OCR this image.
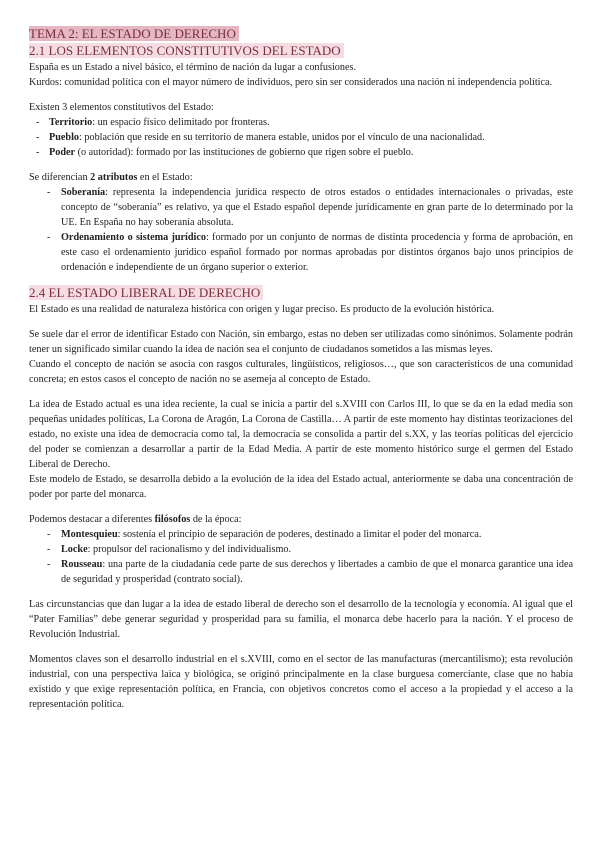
TEMA 2: EL ESTADO DE DERECHO
2.1 LOS ELEMENTOS CONSTITUTIVOS DEL ESTADO

España es un Estado a nivel básico, el término de nación da lugar a confusiones.

Kurdos: comunidad política con el mayor número de individuos, pero sin ser considerados una nación ni independencia política.

Existen 3 elementos constitutivos del Estado:

- Territorio: un espacio físico delimitado por fronteras.
- Pueblo: población que reside en su territorio de manera estable, unidos por el vínculo de una nacionalidad.
- Poder (o autoridad): formado por las instituciones de gobierno que rigen sobre el pueblo.

Se diferencian 2 atributos en el Estado:

- Soberanía: representa la independencia jurídica respecto de otros estados o entidades internacionales o privadas, este concepto de “soberanía” es relativo, ya que el Estado español depende jurídicamente en gran parte de lo determinado por la UE. En España no hay soberanía absoluta.
- Ordenamiento o sistema jurídico: formado por un conjunto de normas de distinta procedencia y forma de aprobación, en este caso el ordenamiento jurídico español formado por normas aprobadas por distintos órganos bajo unos principios de ordenación e independiente de un órgano superior o exterior.
2.4 EL ESTADO LIBERAL DE DERECHO

El Estado es una realidad de naturaleza histórica con origen y lugar preciso. Es producto de la evolución histórica.

Se suele dar el error de identificar Estado con Nación, sin embargo, estas no deben ser utilizadas como sinónimos. Solamente podrán tener un significado similar cuando la idea de nación sea el conjunto de ciudadanos sometidos a las mismas leyes.

Cuando el concepto de nación se asocia con rasgos culturales, lingüísticos, religiosos…, que son característicos de una comunidad concreta; en estos casos el concepto de nación no se asemeja al concepto de Estado.

La idea de Estado actual es una idea reciente, la cual se inicia a partir del s.XVIII con Carlos III, lo que se da en la edad media son pequeñas unidades políticas, La Corona de Aragón, La Corona de Castilla… A partir de este momento hay distintas teorizaciones del estado, no existe una idea de democracia como tal, la democracia se consolida a partir del s.XX, y las teorías políticas del ejercicio del poder se comienzan a desarrollar a partir de la Edad Media. A partir de este momento histórico surge el germen del Estado Liberal de Derecho.

Este modelo de Estado, se desarrolla debido a la evolución de la idea del Estado actual, anteriormente se daba una concentración de poder por parte del monarca.

Podemos destacar a diferentes filósofos de la época:

- Montesquieu: sostenía el principio de separación de poderes, destinado a limitar el poder del monarca.
- Locke: propulsor del racionalismo y del individualismo.
- Rousseau: una parte de la ciudadanía cede parte de sus derechos y libertades a cambio de que el monarca garantice una idea de seguridad y prosperidad (contrato social).

Las circunstancias que dan lugar a la idea de estado liberal de derecho son el desarrollo de la tecnología y economía. Al igual que el “Pater Familias” debe generar seguridad y prosperidad para su familia, el monarca debe hacerlo para la nación. Y el proceso de Revolución Industrial.

Momentos claves son el desarrollo industrial en el s.XVIII, como en el sector de las manufacturas (mercantilismo); esta revolución industrial, con una perspectiva laica y biológica, se originó principalmente en la clase burguesa comerciante, clase que no había existido y que exige representación política, en Francia, con objetivos concretos como el acceso a la propiedad y el acceso a la representación política.
